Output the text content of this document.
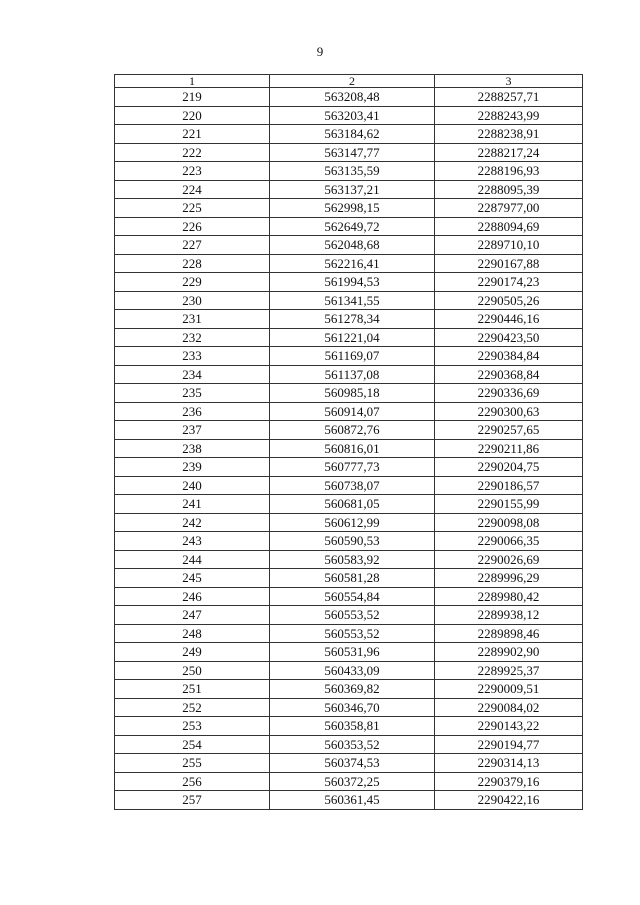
9
1	2	3
219	563208,48	2288257,71
220	563203,41	2288243,99
221	563184,62	2288238,91
222	563147,77	2288217,24
223	563135,59	2288196,93
224	563137,21	2288095,39
225	562998,15	2287977,00
226	562649,72	2288094,69
227	562048,68	2289710,10
228	562216,41	2290167,88
229	561994,53	2290174,23
230	561341,55	2290505,26
231	561278,34	2290446,16
232	561221,04	2290423,50
233	561169,07	2290384,84
234	561137,08	2290368,84
235	560985,18	2290336,69
236	560914,07	2290300,63
237	560872,76	2290257,65
238	560816,01	2290211,86
239	560777,73	2290204,75
240	560738,07	2290186,57
241	560681,05	2290155,99
242	560612,99	2290098,08
243	560590,53	2290066,35
244	560583,92	2290026,69
245	560581,28	2289996,29
246	560554,84	2289980,42
247	560553,52	2289938,12
248	560553,52	2289898,46
249	560531,96	2289902,90
250	560433,09	2289925,37
251	560369,82	2290009,51
252	560346,70	2290084,02
253	560358,81	2290143,22
254	560353,52	2290194,77
255	560374,53	2290314,13
256	560372,25	2290379,16
257	560361,45	2290422,16
